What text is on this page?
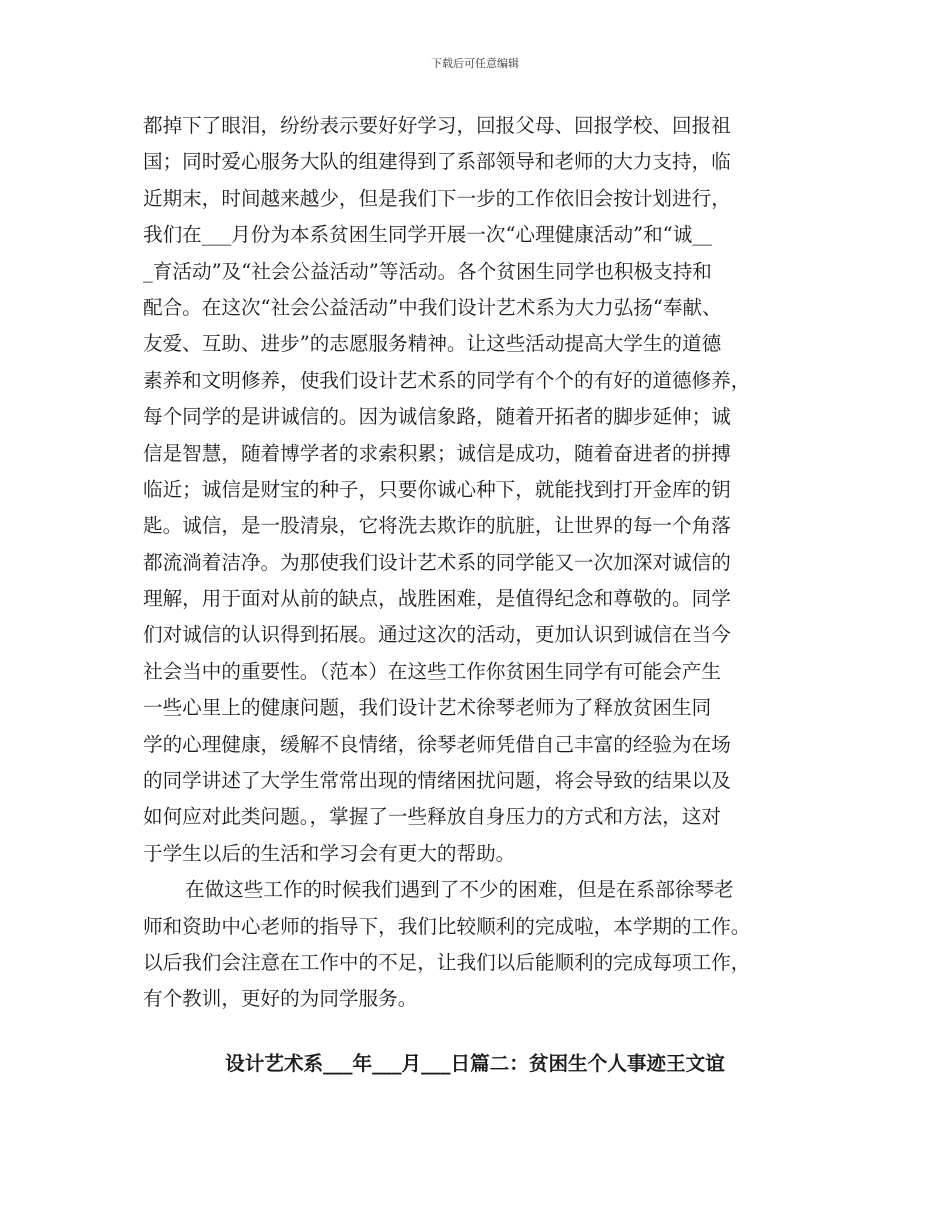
下载后可任意编辑
都掉下了眼泪，纷纷表示要好好学习，回报父母、回报学校、回报祖
国；同时爱心服务大队的组建得到了系部领导和老师的大力支持，临
近期末，时间越来越少，但是我们下一步的工作依旧会按计划进行，
我们在___月份为本系贫困生同学开展一次“心理健康活动”和“诚__
_育活动”及“社会公益活动”等活动。各个贫困生同学也积极支持和
配合。在这次“社会公益活动”中我们设计艺术系为大力弘扬“奉献、
友爱、互助、进步”的志愿服务精神。让这些活动提高大学生的道德
素养和文明修养，使我们设计艺术系的同学有个个的有好的道德修养，
每个同学的是讲诚信的。因为诚信象路，随着开拓者的脚步延伸；诚
信是智慧，随着博学者的求索积累；诚信是成功，随着奋进者的拼搏
临近；诚信是财宝的种子，只要你诚心种下，就能找到打开金库的钥
匙。诚信，是一股清泉，它将洗去欺诈的肮脏，让世界的每一个角落
都流淌着洁净。为那使我们设计艺术系的同学能又一次加深对诚信的
理解，用于面对从前的缺点，战胜困难，是值得纪念和尊敬的。同学
们对诚信的认识得到拓展。通过这次的活动，更加认识到诚信在当今
社会当中的重要性。（范本）在这些工作你贫困生同学有可能会产生
一些心里上的健康问题，我们设计艺术徐琴老师为了释放贫困生同
学的心理健康，缓解不良情绪，徐琴老师凭借自己丰富的经验为在场
的同学讲述了大学生常常出现的情绪困扰问题，将会导致的结果以及
如何应对此类问题。，掌握了一些释放自身压力的方式和方法，这对
于学生以后的生活和学习会有更大的帮助。
在做这些工作的时候我们遇到了不少的困难，但是在系部徐琴老
师和资助中心老师的指导下，我们比较顺利的完成啦，本学期的工作。
以后我们会注意在工作中的不足，让我们以后能顺利的完成每项工作，
有个教训，更好的为同学服务。
设计艺术系___年___月___日篇二：贫困生个人事迹王文谊
